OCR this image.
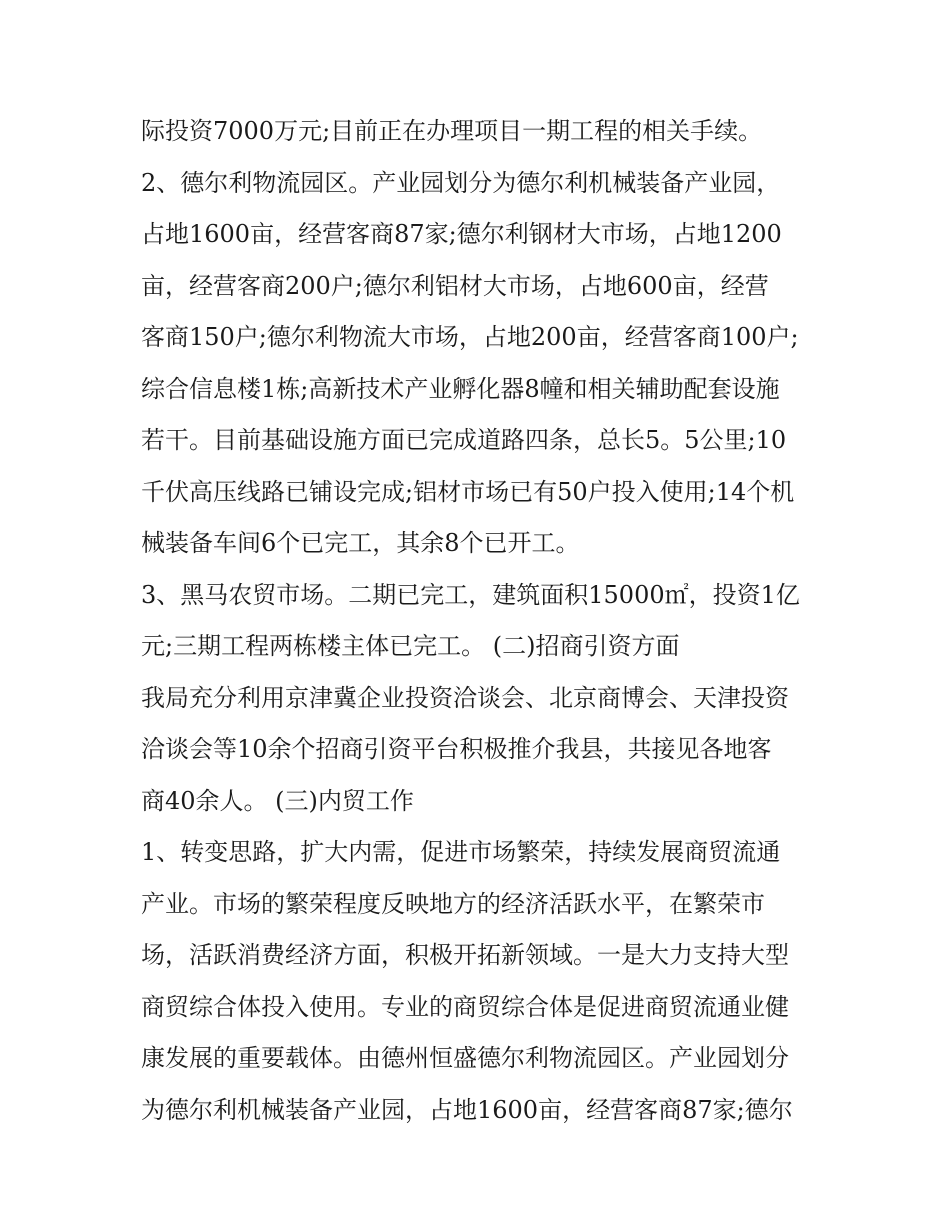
际投资7000万元;目前正在办理项目一期工程的相关手续。
2、德尔利物流园区。产业园划分为德尔利机械装备产业园，
占地1600亩，经营客商87家;德尔利钢材大市场，占地1200
亩，经营客商200户;德尔利铝材大市场，占地600亩，经营
客商150户;德尔利物流大市场，占地200亩，经营客商100户;
综合信息楼1栋;高新技术产业孵化器8幢和相关辅助配套设施
若干。目前基础设施方面已完成道路四条，总长5。5公里;10
千伏高压线路已铺设完成;铝材市场已有50户投入使用;14个机
械装备车间6个已完工，其余8个已开工。
3、黑马农贸市场。二期已完工，建筑面积15000㎡，投资1亿
元;三期工程两栋楼主体已完工。 (二)招商引资方面
我局充分利用京津冀企业投资洽谈会、北京商博会、天津投资
洽谈会等10余个招商引资平台积极推介我县，共接见各地客
商40余人。 (三)内贸工作
1、转变思路，扩大内需，促进市场繁荣，持续发展商贸流通
产业。市场的繁荣程度反映地方的经济活跃水平，在繁荣市
场，活跃消费经济方面，积极开拓新领域。一是大力支持大型
商贸综合体投入使用。专业的商贸综合体是促进商贸流通业健
康发展的重要载体。由德州恒盛德尔利物流园区。产业园划分
为德尔利机械装备产业园，占地1600亩，经营客商87家;德尔
